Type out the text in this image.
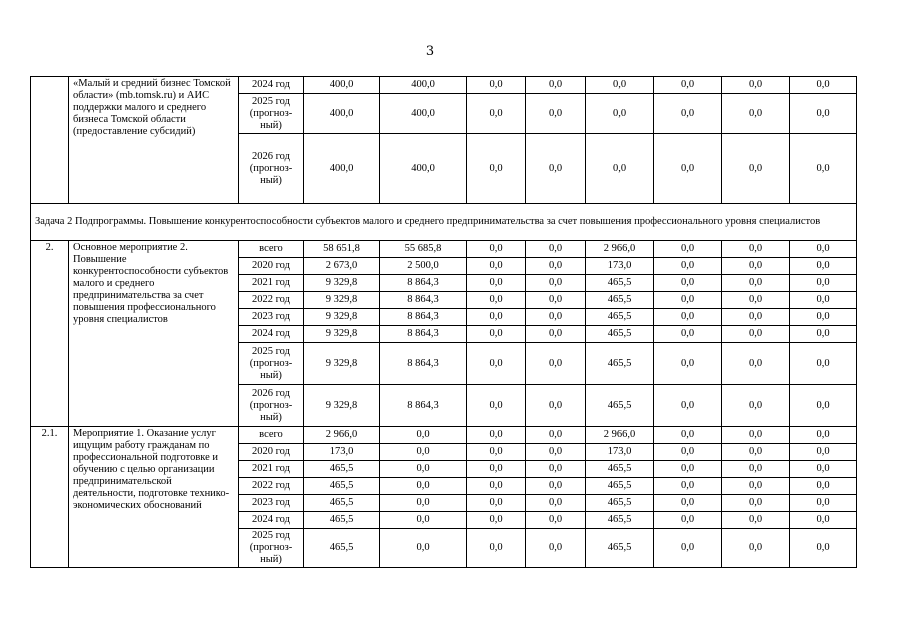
3
	«Малый и средний бизнес Томской области» (mb.tomsk.ru) и АИС поддержки малого и среднего бизнеса Томской области (предоставление субсидий)	2024 год	400,0	400,0	0,0	0,0	0,0	0,0	0,0	0,0
		2025 год (прогноз-ный)	400,0	400,0	0,0	0,0	0,0	0,0	0,0	0,0
		2026 год (прогноз-ный)	400,0	400,0	0,0	0,0	0,0	0,0	0,0	0,0
Задача 2 Подпрограммы. Повышение конкурентоспособности субъектов малого и среднего предпринимательства за счет повышения профессионального уровня специалистов										
2.	Основное мероприятие 2. Повышение конкурентоспособности субъектов малого и среднего предпринимательства за счет повышения профессионального уровня специалистов	всего	58 651,8	55 685,8	0,0	0,0	2 966,0	0,0	0,0	0,0
		2020 год	2 673,0	2 500,0	0,0	0,0	173,0	0,0	0,0	0,0
		2021 год	9 329,8	8 864,3	0,0	0,0	465,5	0,0	0,0	0,0
		2022 год	9 329,8	8 864,3	0,0	0,0	465,5	0,0	0,0	0,0
		2023 год	9 329,8	8 864,3	0,0	0,0	465,5	0,0	0,0	0,0
		2024 год	9 329,8	8 864,3	0,0	0,0	465,5	0,0	0,0	0,0
		2025 год (прогноз-ный)	9 329,8	8 864,3	0,0	0,0	465,5	0,0	0,0	0,0
		2026 год (прогноз-ный)	9 329,8	8 864,3	0,0	0,0	465,5	0,0	0,0	0,0
2.1.	Мероприятие 1. Оказание услуг ищущим работу гражданам по профессиональной подготовке и обучению с целью организации предпринимательской деятельности, подготовке технико-экономических обоснований	всего	2 966,0	0,0	0,0	0,0	2 966,0	0,0	0,0	0,0
		2020 год	173,0	0,0	0,0	0,0	173,0	0,0	0,0	0,0
		2021 год	465,5	0,0	0,0	0,0	465,5	0,0	0,0	0,0
		2022 год	465,5	0,0	0,0	0,0	465,5	0,0	0,0	0,0
		2023 год	465,5	0,0	0,0	0,0	465,5	0,0	0,0	0,0
		2024 год	465,5	0,0	0,0	0,0	465,5	0,0	0,0	0,0
		2025 год (прогноз-ный)	465,5	0,0	0,0	0,0	465,5	0,0	0,0	0,0
